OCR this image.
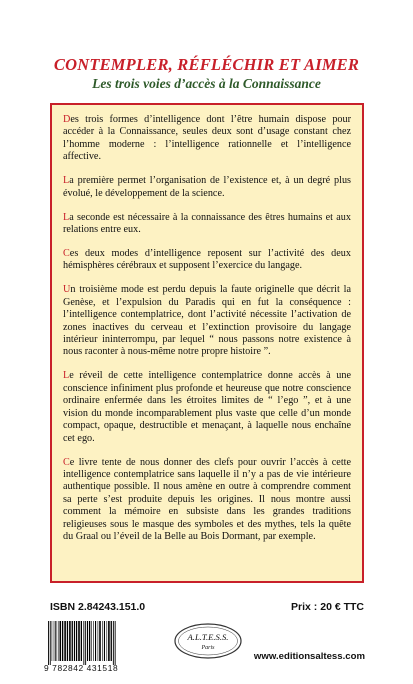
CONTEMPLER, RÉFLÉCHIR ET AIMER
Les trois voies d’accès à la Connaissance

Des trois formes d’intelligence dont l’être humain dispose pour accéder à la Connaissance, seules deux sont d’usage constant chez l’homme moderne : l’intelligence rationnelle et l’intelligence affective.

La première permet l’organisation de l’existence et, à un degré plus évolué, le développement de la science.

La seconde est nécessaire à la connaissance des êtres humains et aux relations entre eux.

Ces deux modes d’intelligence reposent sur l’activité des deux hémisphères cérébraux et supposent l’exercice du langage.

Un troisième mode est perdu depuis la faute originelle que décrit la Genèse, et l’expulsion du Paradis qui en fut la conséquence : l’intelligence contemplatrice, dont l’activité nécessite l’activation de zones inactives du cerveau et l’extinction provisoire du langage intérieur ininterrompu, par lequel “ nous passons notre existence à nous raconter à nous-même notre propre histoire ”.

Le réveil de cette intelligence contemplatrice donne accès à une conscience infiniment plus profonde et heureuse que notre conscience ordinaire enfermée dans les étroites limites de “ l’ego ”, et à une vision du monde incomparablement plus vaste que celle d’un monde compact, opaque, destructible et menaçant, à laquelle nous enchaîne cet ego.

Ce livre tente de nous donner des clefs pour ouvrir l’accès à cette intelligence contemplatrice sans laquelle il n’y a pas de vie intérieure authentique possible. Il nous amène en outre à comprendre comment sa perte s’est produite depuis les origines. Il nous montre aussi comment la mémoire en subsiste dans les grandes traditions religieuses sous le masque des symboles et des mythes, tels la quête du Graal ou l’éveil de la Belle au Bois Dormant, par exemple.

ISBN 2.84243.151.0	Prix : 20 € TTC
9 782842 431518
A.L.T.E.S.S.
Paris
www.editionsaltess.com
